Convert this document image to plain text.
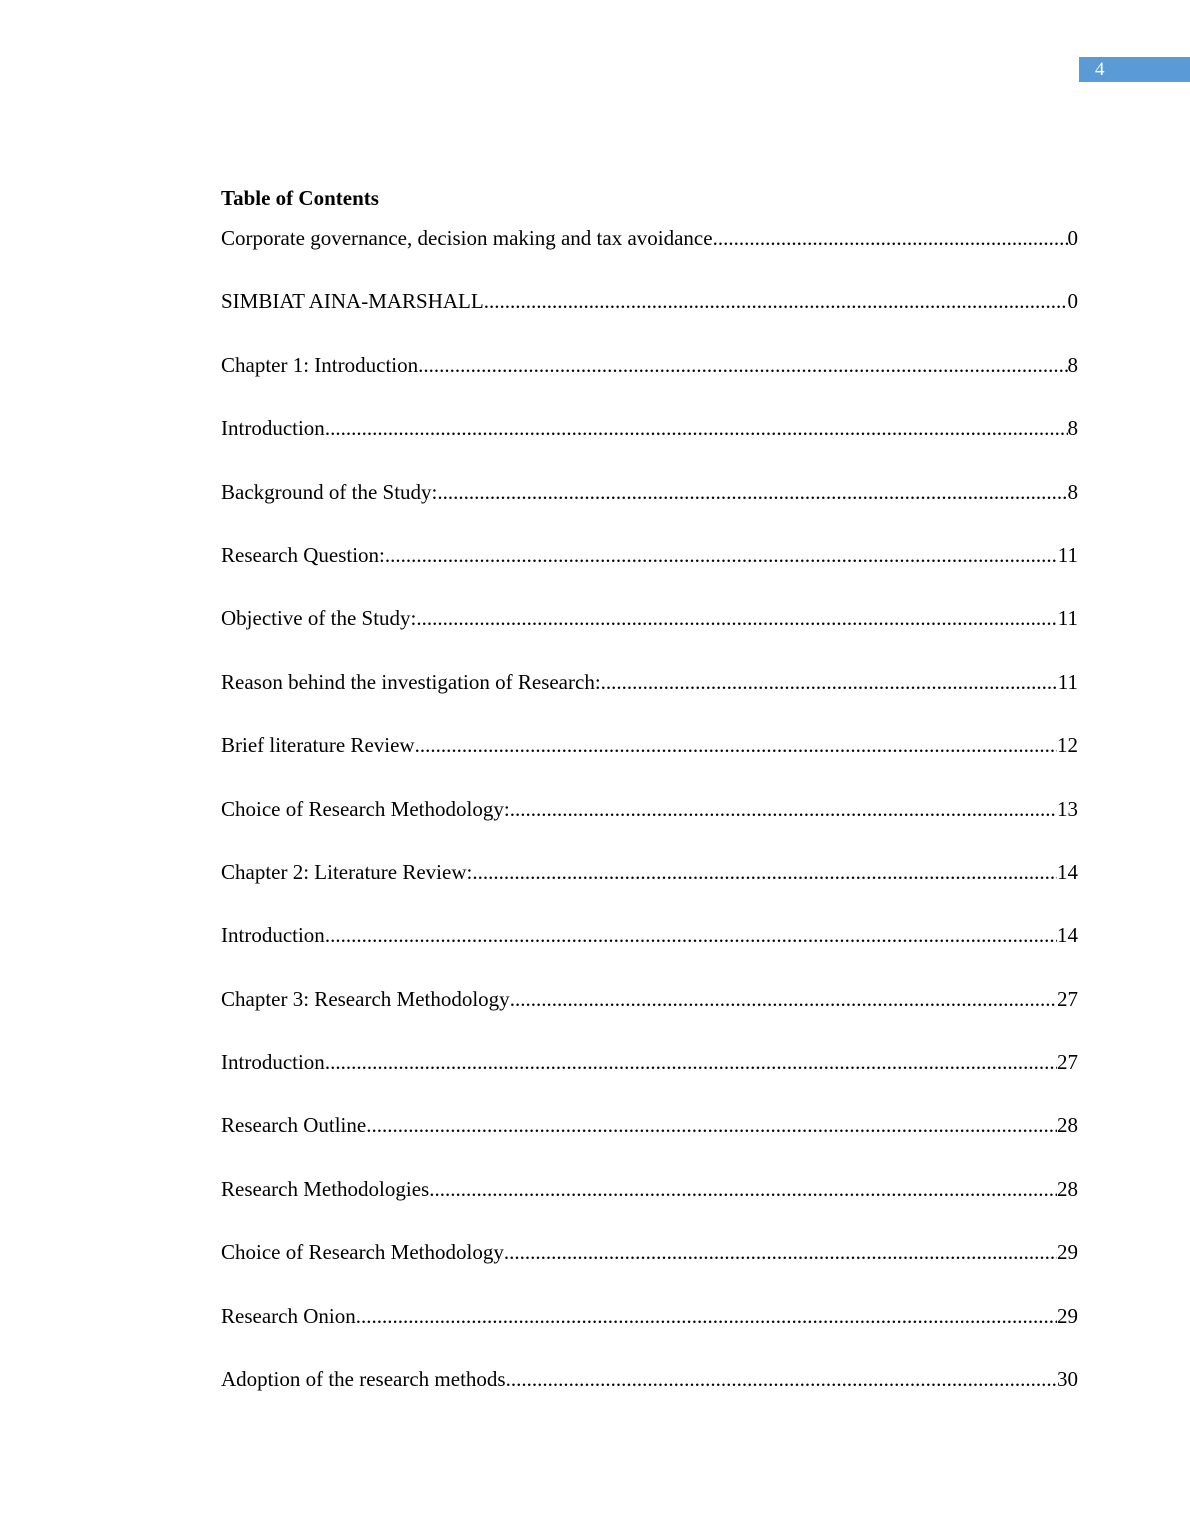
4

Table of Contents

Corporate governance, decision making and tax avoidance .....	0
SIMBIAT AINA-MARSHALL .....	0
Chapter 1: Introduction .....	8
Introduction .....	8
Background of the Study: .....	8
Research Question: .....	11
Objective of the Study: .....	11
Reason behind the investigation of Research: .....	11
Brief literature Review .....	12
Choice of Research Methodology: .....	13
Chapter 2: Literature Review: .....	14
Introduction .....	14
Chapter 3: Research Methodology .....	27
Introduction .....	27
Research Outline .....	28
Research Methodologies .....	28
Choice of Research Methodology .....	29
Research Onion .....	29
Adoption of the research methods .....	30
